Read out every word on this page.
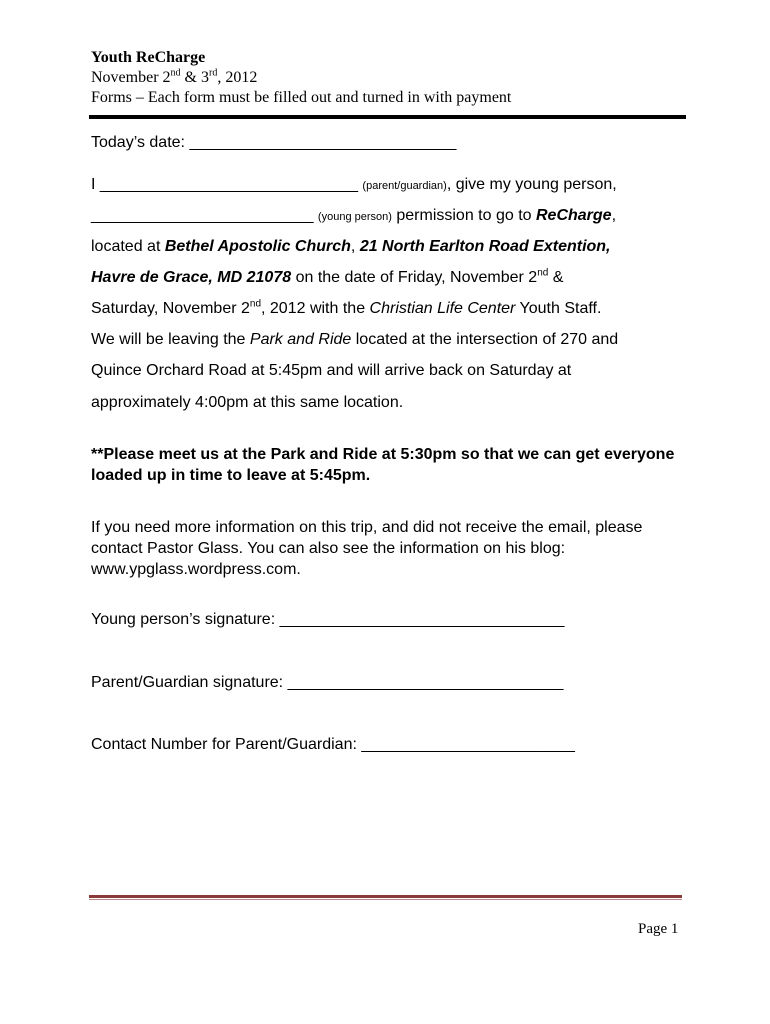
Youth ReCharge
November 2nd & 3rd, 2012
Forms – Each form must be filled out and turned in with payment
Today’s date: ______________________________
I _____________________________ (parent/guardian), give my young person,
_________________________ (young person) permission to go to ReCharge,
located at Bethel Apostolic Church, 21 North Earlton Road Extention,
Havre de Grace, MD 21078 on the date of Friday, November 2nd &
Saturday, November 2nd, 2012 with the Christian Life Center Youth Staff.
We will be leaving the Park and Ride located at the intersection of 270 and
Quince Orchard Road at 5:45pm and will arrive back on Saturday at
approximately 4:00pm at this same location.
**Please meet us at the Park and Ride at 5:30pm so that we can get everyone loaded up in time to leave at 5:45pm.
If you need more information on this trip, and did not receive the email, please contact Pastor Glass. You can also see the information on his blog: www.ypglass.wordpress.com.
Young person’s signature: ________________________________
Parent/Guardian signature: _______________________________
Contact Number for Parent/Guardian: ________________________
Page 1
